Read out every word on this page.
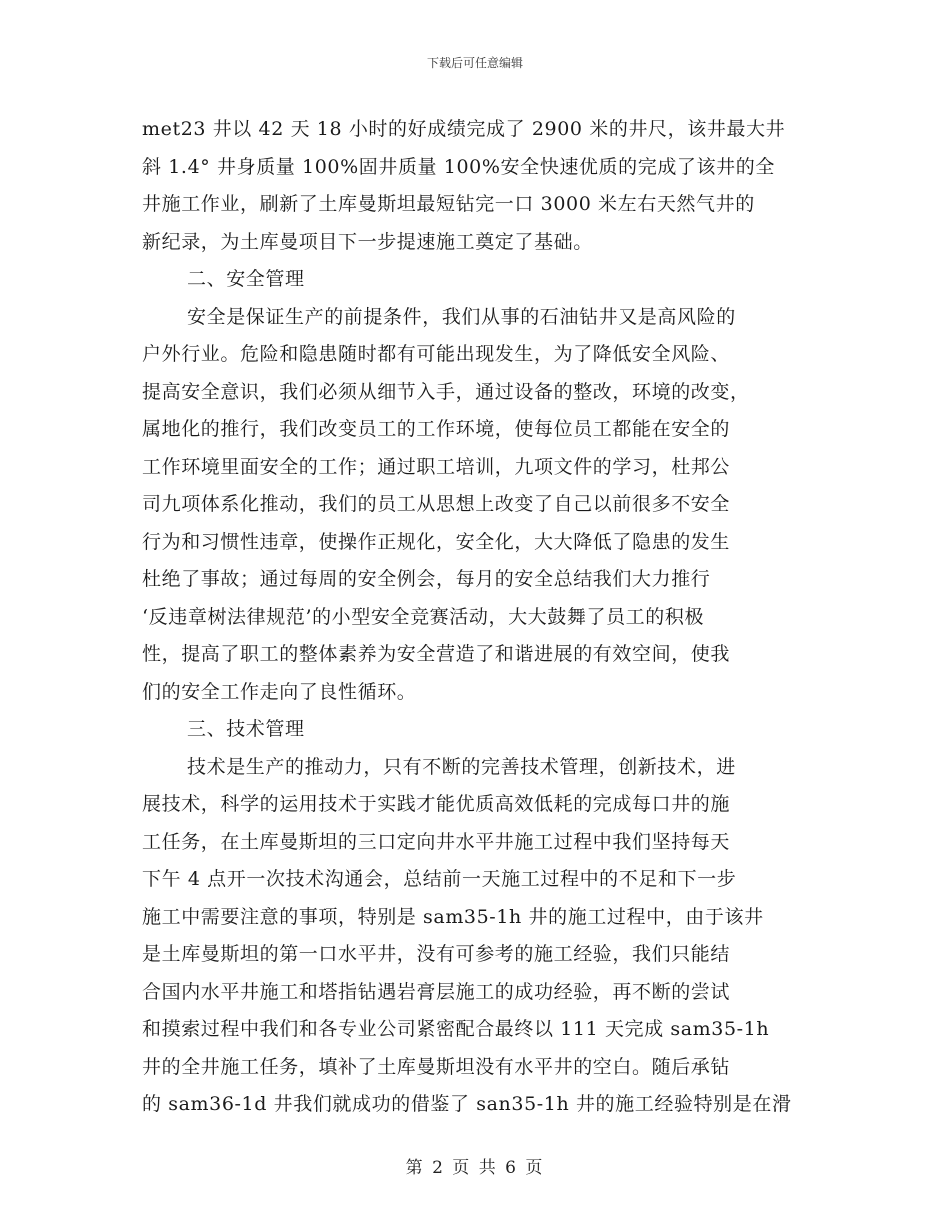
下载后可任意编辑
met23 井以 42 天 18 小时的好成绩完成了 2900 米的井尺，该井最大井
斜 1.4° 井身质量 100%固井质量 100%安全快速优质的完成了该井的全
井施工作业，刷新了土库曼斯坦最短钻完一口 3000 米左右天然气井的
新纪录，为土库曼项目下一步提速施工奠定了基础。
二、安全管理
安全是保证生产的前提条件，我们从事的石油钻井又是高风险的
户外行业。危险和隐患随时都有可能出现发生，为了降低安全风险、
提高安全意识，我们必须从细节入手，通过设备的整改，环境的改变，
属地化的推行，我们改变员工的工作环境，使每位员工都能在安全的
工作环境里面安全的工作；通过职工培训，九项文件的学习，杜邦公
司九项体系化推动，我们的员工从思想上改变了自己以前很多不安全
行为和习惯性违章，使操作正规化，安全化，大大降低了隐患的发生
杜绝了事故；通过每周的安全例会，每月的安全总结我们大力推行
‘反违章树法律规范’的小型安全竞赛活动，大大鼓舞了员工的积极
性，提高了职工的整体素养为安全营造了和谐进展的有效空间，使我
们的安全工作走向了良性循环。
三、技术管理
技术是生产的推动力，只有不断的完善技术管理，创新技术，进
展技术，科学的运用技术于实践才能优质高效低耗的完成每口井的施
工任务，在土库曼斯坦的三口定向井水平井施工过程中我们坚持每天
下午 4 点开一次技术沟通会，总结前一天施工过程中的不足和下一步
施工中需要注意的事项，特别是 sam35-1h 井的施工过程中，由于该井
是土库曼斯坦的第一口水平井，没有可参考的施工经验，我们只能结
合国内水平井施工和塔指钻遇岩膏层施工的成功经验，再不断的尝试
和摸索过程中我们和各专业公司紧密配合最终以 111 天完成 sam35-1h
井的全井施工任务，填补了土库曼斯坦没有水平井的空白。随后承钻
的 sam36-1d 井我们就成功的借鉴了 san35-1h 井的施工经验特别是在滑
第 2 页 共 6 页
